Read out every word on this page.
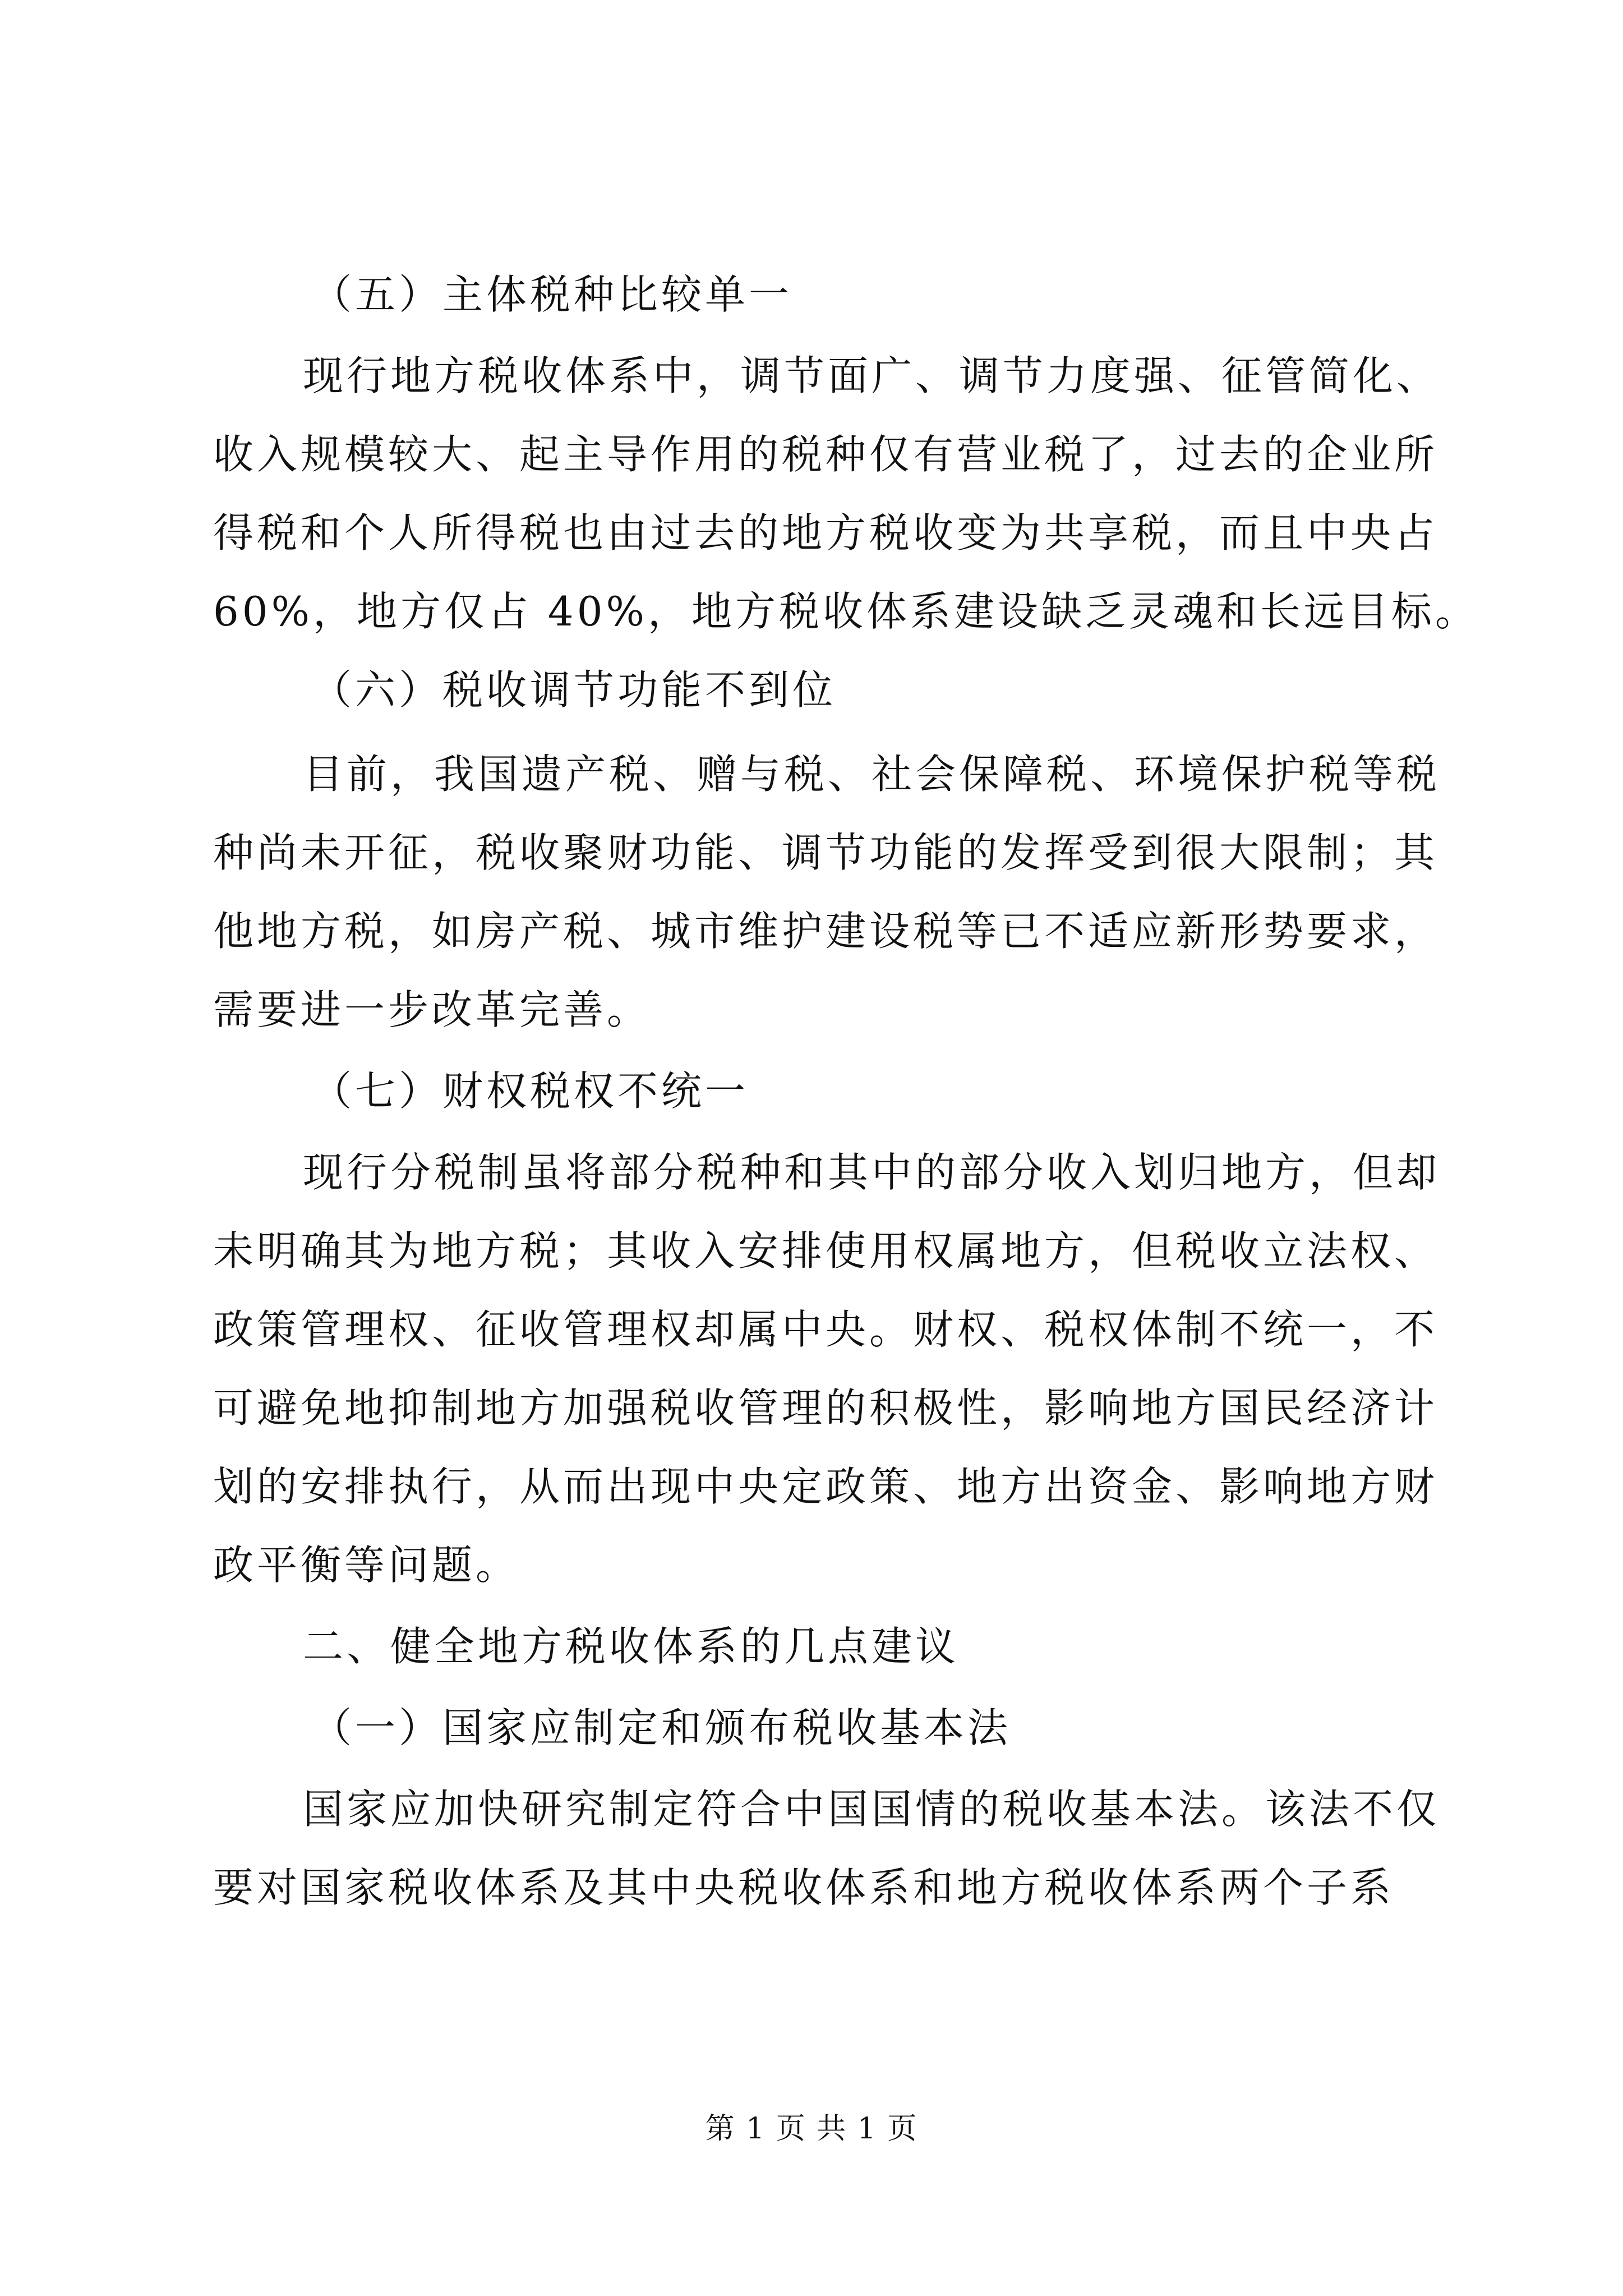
（五）主体税种比较单一
现行地方税收体系中，调节面广、调节力度强、征管简化、
收入规模较大、起主导作用的税种仅有营业税了，过去的企业所
得税和个人所得税也由过去的地方税收变为共享税，而且中央占
60%，地方仅占 40%，地方税收体系建设缺乏灵魂和长远目标。
（六）税收调节功能不到位
目前，我国遗产税、赠与税、社会保障税、环境保护税等税
种尚未开征，税收聚财功能、调节功能的发挥受到很大限制；其
他地方税，如房产税、城市维护建设税等已不适应新形势要求，
需要进一步改革完善。
（七）财权税权不统一
现行分税制虽将部分税种和其中的部分收入划归地方，但却
未明确其为地方税；其收入安排使用权属地方，但税收立法权、
政策管理权、征收管理权却属中央。财权、税权体制不统一，不
可避免地抑制地方加强税收管理的积极性，影响地方国民经济计
划的安排执行，从而出现中央定政策、地方出资金、影响地方财
政平衡等问题。
二、健全地方税收体系的几点建议
（一）国家应制定和颁布税收基本法
国家应加快研究制定符合中国国情的税收基本法。该法不仅
要对国家税收体系及其中央税收体系和地方税收体系两个子系
第 1 页 共 1 页
